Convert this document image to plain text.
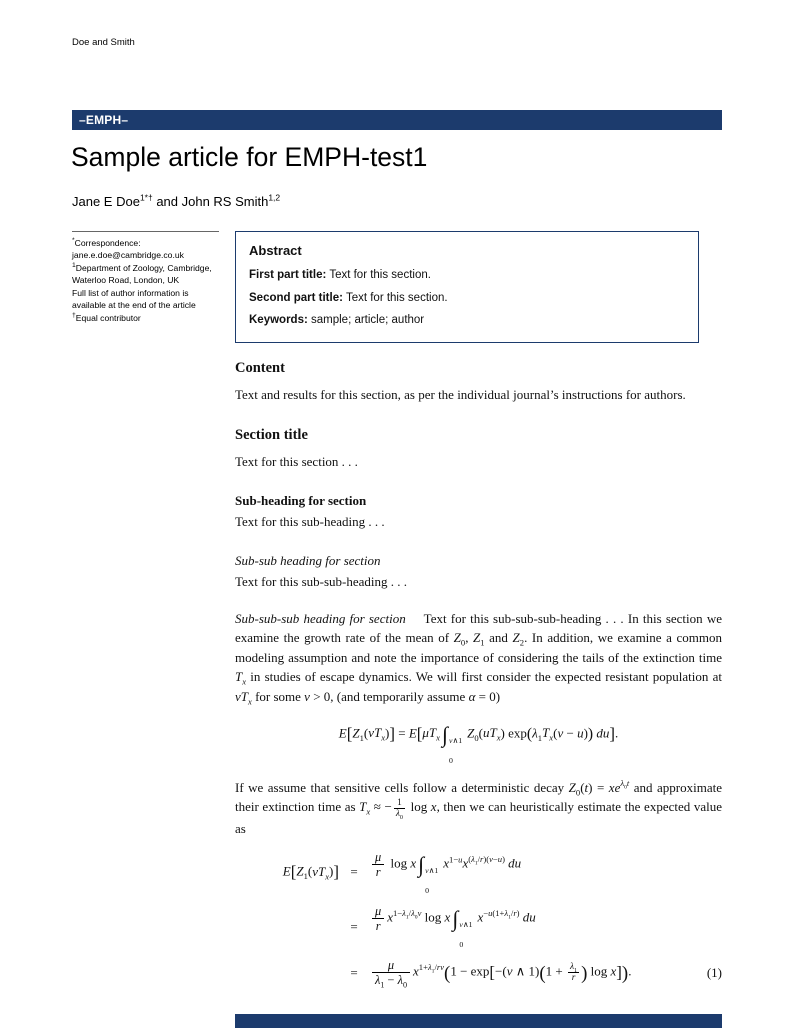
Doe and Smith
–EMPH–
Sample article for EMPH-test1
Jane E Doe$^{1*\dagger}$ and John RS Smith$^{1,2}$
*Correspondence:
jane.e.doe@cambridge.co.uk
$^1$Department of Zoology, Cambridge, Waterloo Road, London, UK
Full list of author information is available at the end of the article
†Equal contributor
Abstract
First part title: Text for this section.
Second part title: Text for this section.
Keywords: sample; article; author
Content

Text and results for this section, as per the individual journal’s instructions for authors.

Section title

Text for this section . . .

Sub-heading for section

Text for this sub-heading . . .

Sub-sub heading for section

Text for this sub-sub-heading . . .

Sub-sub-sub heading for section Text for this sub-sub-sub-heading . . . In this section we examine the growth rate of the mean of $Z_0$, $Z_1$ and $Z_2$. In addition, we examine a common modeling assumption and note the importance of considering the tails of the extinction time $T_x$ in studies of escape dynamics. We will first consider the expected resistant population at $vT_x$ for some v > 0, (and temporarily assume α = 0)

$E[Z_1(vT_x)] = E[\mu T_x\int$ v∧1
0
$Z_0(uT_x) \exp(\lambda_1T_x(v - u))$ du].

If we assume that sensitive cells follow a deterministic decay $Z_0(t) = xe^{\lambda_0t}$ and approximate their extinction time as $T_x$ ≈ − $\frac{1}{\lambda_0}$ log x, then we can heuristically estimate the expected value as

$E[Z_1(vT_x)]$ =	$\frac{\mu}{r}$ log x∫ v∧1
0
$x^{1-u}x^{(\lambda_1/r)(v-u)}$ du
=	$\frac{\mu}{r} x^{1-\lambda_1/\lambda_0v}$ log x∫ v∧1
0
$x^{-u(1+\lambda_1/r)}$ du
=	$\frac{\mu}{\lambda_1 - \lambda_0} x^{1+\lambda_1/rv}(1 - \exp[-(v$ ∧ $1)(1 + \frac{\lambda_1}{r}$ ) log x]).	(1)
